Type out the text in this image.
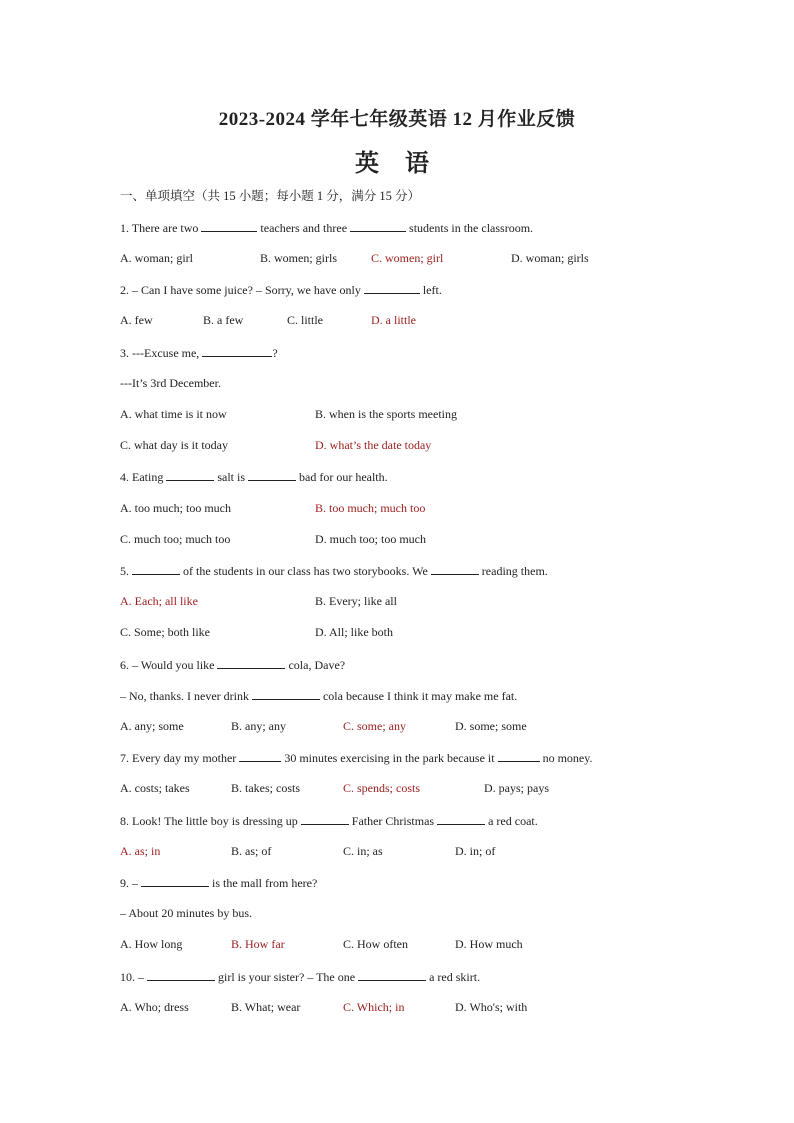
2023-2024 学年七年级英语 12 月作业反馈
英 语
一、单项填空（共 15 小题；每小题 1 分，满分 15 分）
1. There are two	teachers and three	students in the classroom.
A. woman; girl	B. women; girls	C. women; girl	D. woman; girls
2. – Can I have some juice? – Sorry, we have only	left.
A. few	B. a few	C. little	D. a little
3. ---Excuse me,	?
---It’s 3rd December.
A. what time is it now	B. when is the sports meeting
C. what day is it today	D. what’s the date today
4. Eating	salt is	bad for our health.
A. too much; too much	B. too much; much too
C. much too; much too	D. much too; too much
5.	of the students in our class has two storybooks. We	reading them.
A. Each; all like	B. Every; like all
C. Some; both like	D. All; like both
6. – Would you like	cola, Dave?
– No, thanks. I never drink	cola because I think it may make me fat.
A. any; some	B. any; any	C. some; any	D. some; some
7. Every day my mother	30 minutes exercising in the park because it	no money.
A. costs; takes	B. takes; costs	C. spends; costs	D. pays; pays
8. Look! The little boy is dressing up	Father Christmas	a red coat.
A. as; in	B. as; of	C. in; as	D. in; of
9. –	is the mall from here?
– About 20 minutes by bus.
A. How long	B. How far	C. How often	D. How much
10. –	girl is your sister? – The one	a red skirt.
A. Who; dress	B. What; wear	C. Which; in	D. Who's; with
